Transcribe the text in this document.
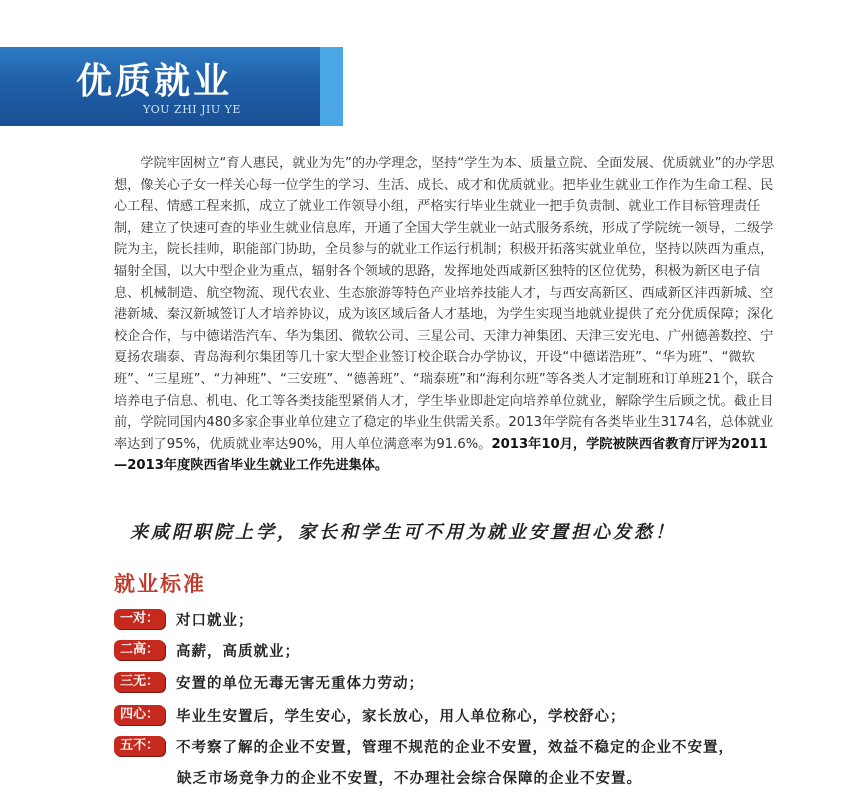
优质就业
YOU ZHI JIU YE
学院牢固树立“育人惠民，就业为先”的办学理念，坚持“学生为本、质量立院、全面发展、优质就业”的办学思想，像关心子女一样关心每一位学生的学习、生活、成长、成才和优质就业。把毕业生就业工作作为生命工程、民心工程、情感工程来抓，成立了就业工作领导小组，严格实行毕业生就业一把手负责制、就业工作目标管理责任制，建立了快速可查的毕业生就业信息库，开通了全国大学生就业一站式服务系统，形成了学院统一领导，二级学院为主，院长挂帅，职能部门协助，全员参与的就业工作运行机制；积极开拓落实就业单位，坚持以陕西为重点，辐射全国，以大中型企业为重点，辐射各个领域的思路，发挥地处西咸新区独特的区位优势，积极为新区电子信息、机械制造、航空物流、现代农业、生态旅游等特色产业培养技能人才，与西安高新区、西咸新区沣西新城、空港新城、秦汉新城签订人才培养协议，成为该区域后备人才基地，为学生实现当地就业提供了充分优质保障；深化校企合作，与中德诺浩汽车、华为集团、微软公司、三星公司、天津力神集团、天津三安光电、广州德善数控、宁夏扬农瑞泰、青岛海利尔集团等几十家大型企业签订校企联合办学协议，开设“中德诺浩班”、“华为班”、“微软班”、“三星班”、“力神班”、“三安班”、“德善班”、“瑞泰班”和“海利尔班”等各类人才定制班和订单班21个，联合培养电子信息、机电、化工等各类技能型紧俏人才，学生毕业即赴定向培养单位就业，解除学生后顾之忧。截止目前，学院同国内480多家企事业单位建立了稳定的毕业生供需关系。2013年学院有各类毕业生3174名，总体就业率达到了95%，优质就业率达90%，用人单位满意率为91.6%。2013年10月，学院被陕西省教育厅评为2011—2013年度陕西省毕业生就业工作先进集体。
来咸阳职院上学，家长和学生可不用为就业安置担心发愁！
就业标准
一对：	对口就业；
二高：	高薪，高质就业；
三无：	安置的单位无毒无害无重体力劳动；
四心：	毕业生安置后，学生安心，家长放心，用人单位称心，学校舒心；
五不：	不考察了解的企业不安置，管理不规范的企业不安置，效益不稳定的企业不安置，
缺乏市场竞争力的企业不安置，不办理社会综合保障的企业不安置。
